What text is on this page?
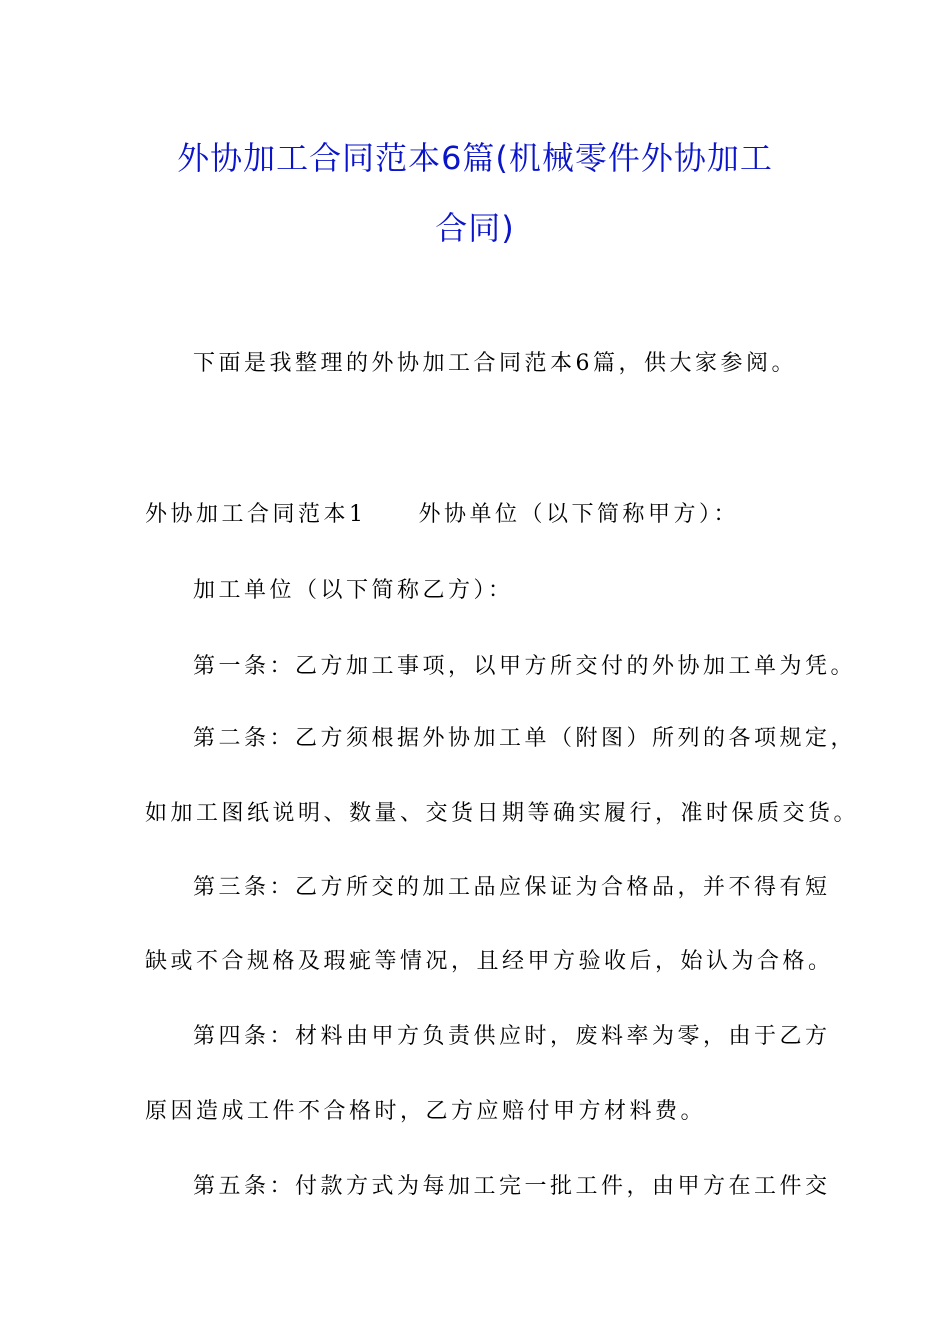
外协加工合同范本6篇(机械零件外协加工
合同)

下面是我整理的外协加工合同范本6篇，供大家参阅。

外协加工合同范本1 外协单位（以下简称甲方）：

加工单位（以下简称乙方）：

第一条：乙方加工事项，以甲方所交付的外协加工单为凭。

第二条：乙方须根据外协加工单（附图）所列的各项规定，

如加工图纸说明、数量、交货日期等确实履行，准时保质交货。

第三条：乙方所交的加工品应保证为合格品，并不得有短

缺或不合规格及瑕疵等情况，且经甲方验收后，始认为合格。

第四条：材料由甲方负责供应时，废料率为零，由于乙方

原因造成工件不合格时，乙方应赔付甲方材料费。

第五条：付款方式为每加工完一批工件，由甲方在工件交
